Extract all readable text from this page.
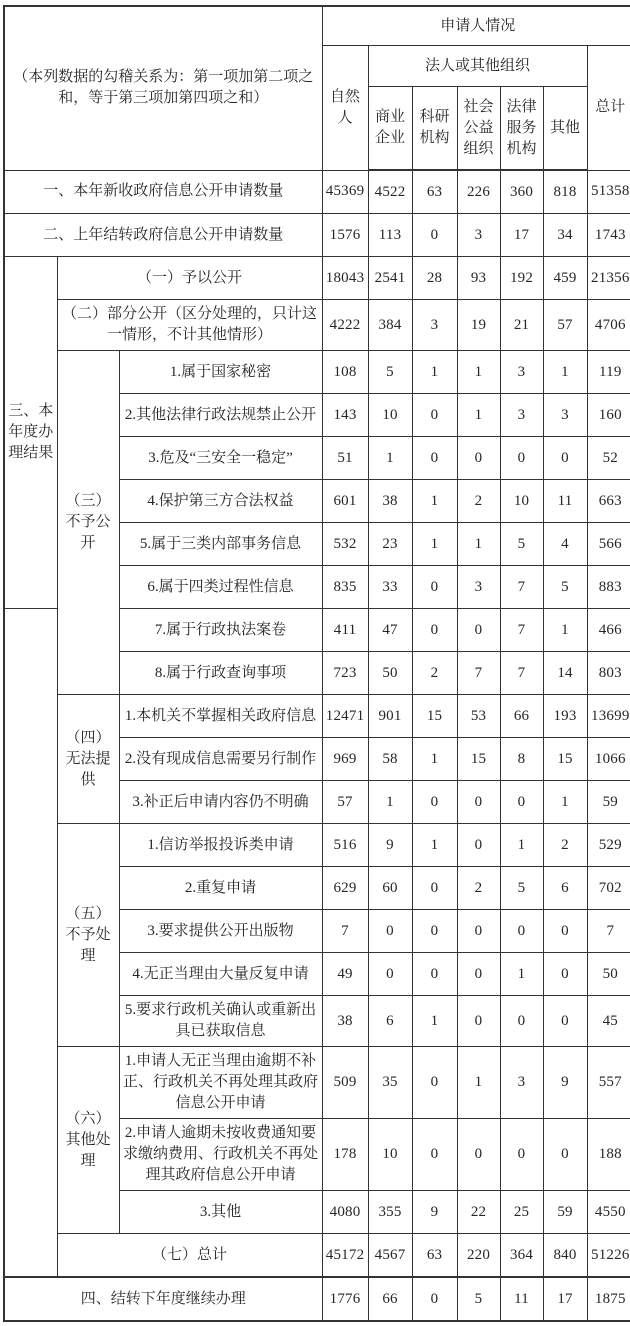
（本列数据的勾稽关系为：第一项加第二项之和，等于第三项加第四项之和）			申请人情况						
			自然人	法人或其他组织					总计
				商业企业	科研机构	社会公益组织	法律服务机构	其他	
一、本年新收政府信息公开申请数量			45369	4522	63	226	360	818	51358
二、上年结转政府信息公开申请数量			1576	113	0	3	17	34	1743
三、本年度办理结果	（一）予以公开		18043	2541	28	93	192	459	21356
	（二）部分公开（区分处理的，只计这一情形，不计其他情形）		4222	384	3	19	21	57	4706
	（三）不予公开	1.属于国家秘密	108	5	1	1	3	1	119
		2.其他法律行政法规禁止公开	143	10	0	1	3	3	160
		3.危及“三安全一稳定”	51	1	0	0	0	0	52
		4.保护第三方合法权益	601	38	1	2	10	11	663
		5.属于三类内部事务信息	532	23	1	1	5	4	566
		6.属于四类过程性信息	835	33	0	3	7	5	883
		7.属于行政执法案卷	411	47	0	0	7	1	466
		8.属于行政查询事项	723	50	2	7	7	14	803
	（四）无法提供	1.本机关不掌握相关政府信息	12471	901	15	53	66	193	13699
		2.没有现成信息需要另行制作	969	58	1	15	8	15	1066
		3.补正后申请内容仍不明确	57	1	0	0	0	1	59
	（五）不予处理	1.信访举报投诉类申请	516	9	1	0	1	2	529
		2.重复申请	629	60	0	2	5	6	702
		3.要求提供公开出版物	7	0	0	0	0	0	7
		4.无正当理由大量反复申请	49	0	0	0	1	0	50
		5.要求行政机关确认或重新出具已获取信息	38	6	1	0	0	0	45
	（六）其他处理	1.申请人无正当理由逾期不补正、行政机关不再处理其政府信息公开申请	509	35	0	1	3	9	557
		2.申请人逾期未按收费通知要求缴纳费用、行政机关不再处理其政府信息公开申请	178	10	0	0	0	0	188
		3.其他	4080	355	9	22	25	59	4550
	（七）总计		45172	4567	63	220	364	840	51226
四、结转下年度继续办理			1776	66	0	5	11	17	1875
